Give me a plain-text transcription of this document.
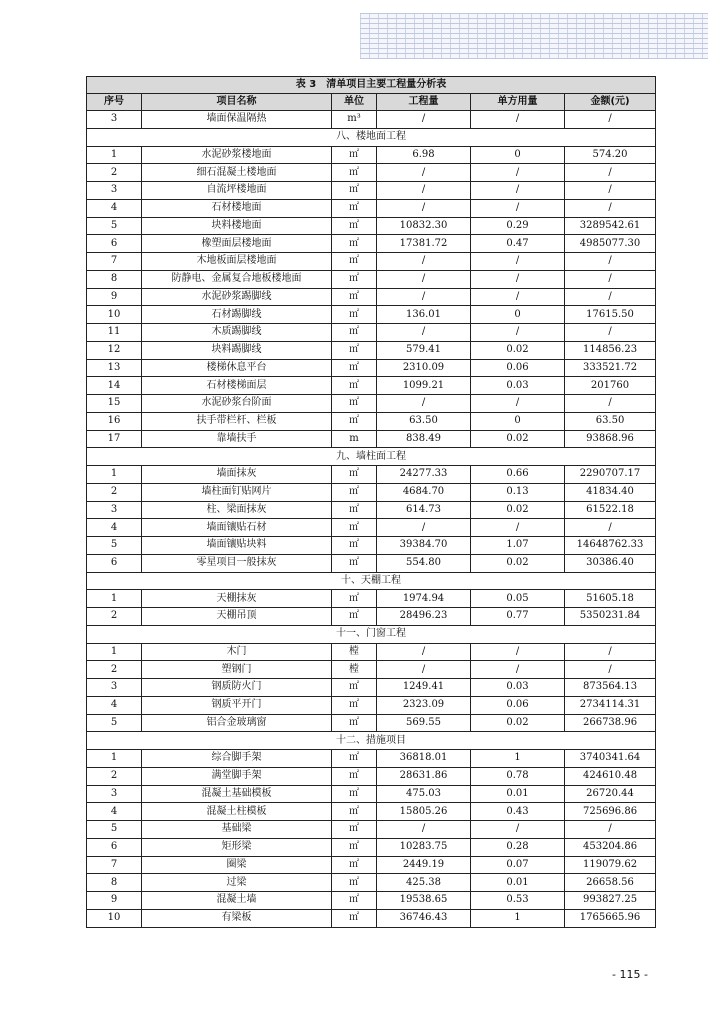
表 3　清单项目主要工程量分析表					
序号	项目名称	单位	工程量	单方用量	金额(元)
3	墙面保温隔热	m³	/	/	/
八、楼地面工程					
1	水泥砂浆楼地面	㎡	6.98	0	574.20
2	细石混凝土楼地面	㎡	/	/	/
3	自流坪楼地面	㎡	/	/	/
4	石材楼地面	㎡	/	/	/
5	块料楼地面	㎡	10832.30	0.29	3289542.61
6	橡塑面层楼地面	㎡	17381.72	0.47	4985077.30
7	木地板面层楼地面	㎡	/	/	/
8	防静电、金属复合地板楼地面	㎡	/	/	/
9	水泥砂浆踢脚线	㎡	/	/	/
10	石材踢脚线	㎡	136.01	0	17615.50
11	木质踢脚线	㎡	/	/	/
12	块料踢脚线	㎡	579.41	0.02	114856.23
13	楼梯休息平台	㎡	2310.09	0.06	333521.72
14	石材楼梯面层	㎡	1099.21	0.03	201760
15	水泥砂浆台阶面	㎡	/	/	/
16	扶手带栏杆、栏板	㎡	63.50	0	63.50
17	靠墙扶手	m	838.49	0.02	93868.96
九、墙柱面工程					
1	墙面抹灰	㎡	24277.33	0.66	2290707.17
2	墙柱面钉贴网片	㎡	4684.70	0.13	41834.40
3	柱、梁面抹灰	㎡	614.73	0.02	61522.18
4	墙面镶贴石材	㎡	/	/	/
5	墙面镶贴块料	㎡	39384.70	1.07	14648762.33
6	零星项目一般抹灰	㎡	554.80	0.02	30386.40
十、天棚工程					
1	天棚抹灰	㎡	1974.94	0.05	51605.18
2	天棚吊顶	㎡	28496.23	0.77	5350231.84
十一、门窗工程					
1	木门	樘	/	/	/
2	塑钢门	樘	/	/	/
3	钢质防火门	㎡	1249.41	0.03	873564.13
4	钢质平开门	㎡	2323.09	0.06	2734114.31
5	铝合金玻璃窗	㎡	569.55	0.02	266738.96
十二、措施项目					
1	综合脚手架	㎡	36818.01	1	3740341.64
2	满堂脚手架	㎡	28631.86	0.78	424610.48
3	混凝土基础模板	㎡	475.03	0.01	26720.44
4	混凝土柱模板	㎡	15805.26	0.43	725696.86
5	基础梁	㎡	/	/	/
6	矩形梁	㎡	10283.75	0.28	453204.86
7	圈梁	㎡	2449.19	0.07	119079.62
8	过梁	㎡	425.38	0.01	26658.56
9	混凝土墙	㎡	19538.65	0.53	993827.25
10	有梁板	㎡	36746.43	1	1765665.96
- 115 -
